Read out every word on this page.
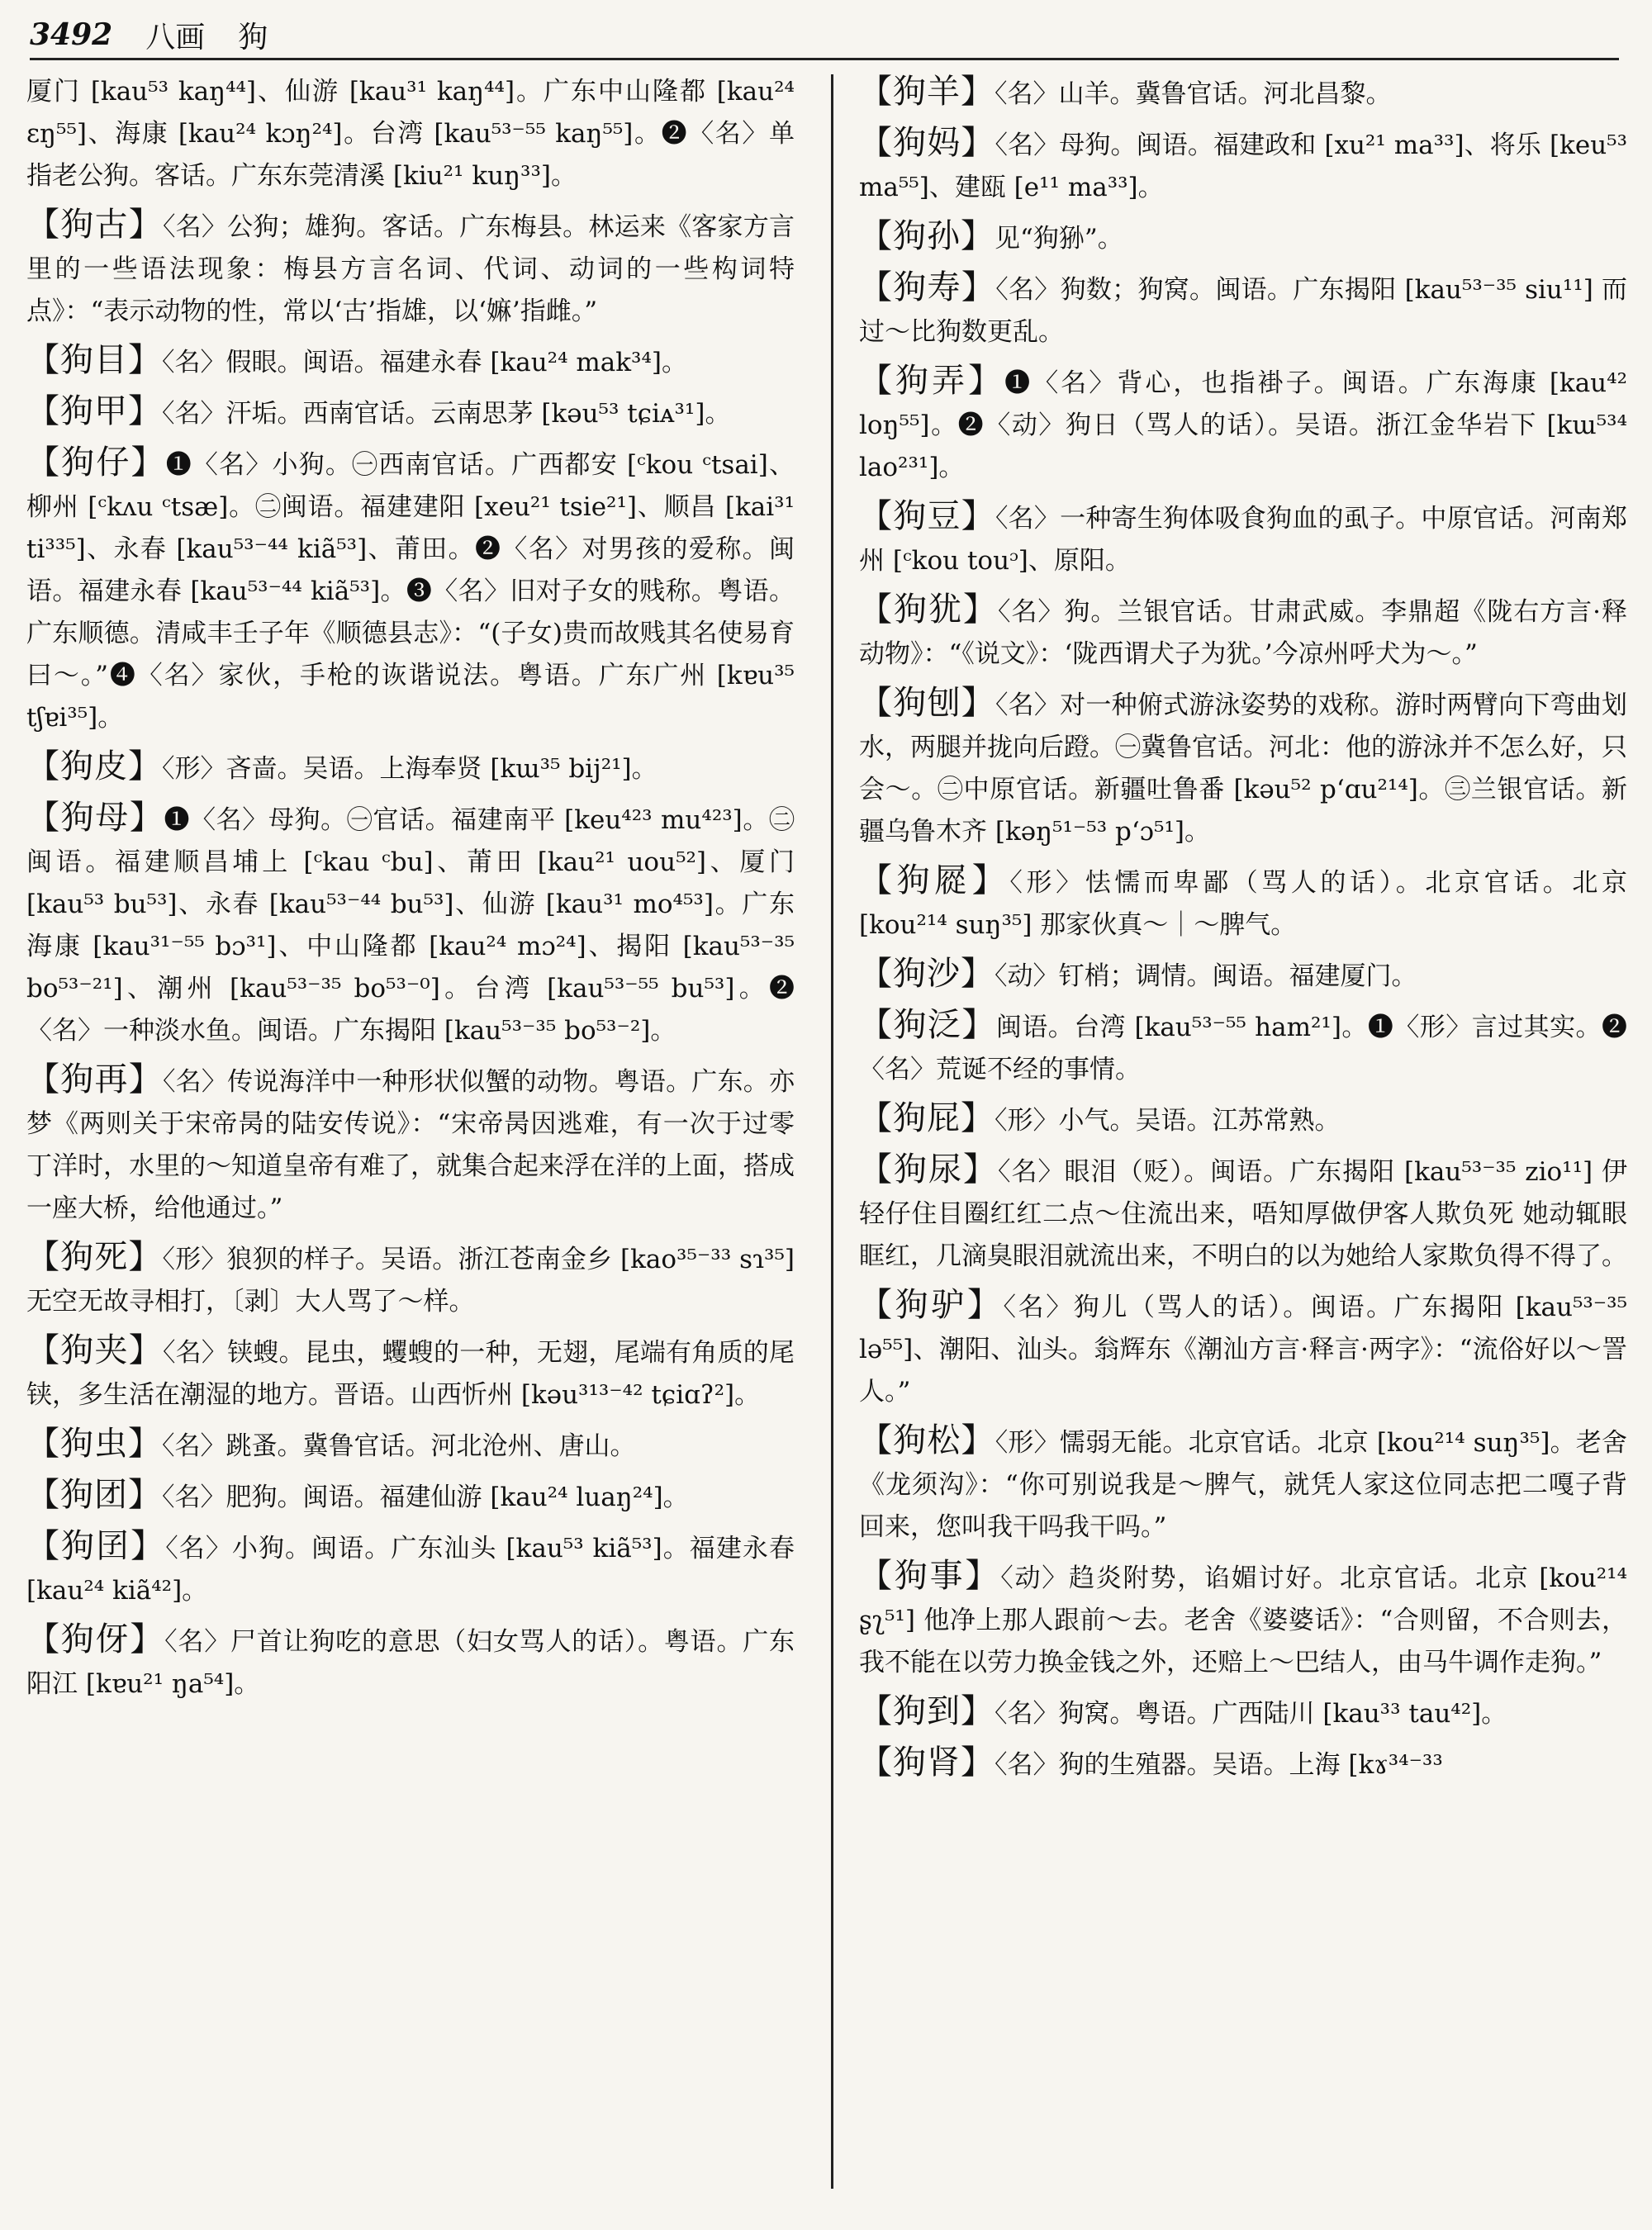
3492 八画 狗
厦门 [kau⁵³ kaŋ⁴⁴]、仙游 [kau³¹ kaŋ⁴⁴]。广东中山隆都 [kau²⁴ ɛŋ⁵⁵]、海康 [kau²⁴ kɔŋ²⁴]。台湾 [kau⁵³⁻⁵⁵ kaŋ⁵⁵]。❷〈名〉单指老公狗。客话。广东东莞清溪 [kiu²¹ kuŋ³³]。
【狗古】〈名〉公狗；雄狗。客话。广东梅县。林运来《客家方言里的一些语法现象：梅县方言名词、代词、动词的一些构词特点》：“表示动物的性，常以‘古’指雄，以‘嫲’指雌。”
【狗目】〈名〉假眼。闽语。福建永春 [kau²⁴ mak³⁴]。
【狗甲】〈名〉汗垢。西南官话。云南思茅 [kəu⁵³ tɕiᴀ³¹]。
【狗仔】❶〈名〉小狗。㊀西南官话。广西都安 [ᶜkou ᶜtsai]、柳州 [ᶜkʌu ᶜtsæ]。㊁闽语。福建建阳 [xeu²¹ tsie²¹]、顺昌 [kai³¹ ti³³⁵]、永春 [kau⁵³⁻⁴⁴ kiã⁵³]、莆田。❷〈名〉对男孩的爱称。闽语。福建永春 [kau⁵³⁻⁴⁴ kiã⁵³]。❸〈名〉旧对子女的贱称。粤语。广东顺德。清咸丰壬子年《顺德县志》：“(子女)贵而故贱其名使易育曰～。”❹〈名〉家伙，手枪的诙谐说法。粤语。广东广州 [kɐu³⁵ tʃɐi³⁵]。
【狗皮】〈形〉吝啬。吴语。上海奉贤 [kɯ³⁵ bij²¹]。
【狗母】❶〈名〉母狗。㊀官话。福建南平 [keu⁴²³ mu⁴²³]。㊁闽语。福建顺昌埔上 [ᶜkau ᶜbu]、莆田 [kau²¹ uou⁵²]、厦门 [kau⁵³ bu⁵³]、永春 [kau⁵³⁻⁴⁴ bu⁵³]、仙游 [kau³¹ mo⁴⁵³]。广东海康 [kau³¹⁻⁵⁵ bɔ³¹]、中山隆都 [kau²⁴ mɔ²⁴]、揭阳 [kau⁵³⁻³⁵ bo⁵³⁻²¹]、潮州 [kau⁵³⁻³⁵ bo⁵³⁻⁰]。台湾 [kau⁵³⁻⁵⁵ bu⁵³]。❷〈名〉一种淡水鱼。闽语。广东揭阳 [kau⁵³⁻³⁵ bo⁵³⁻²]。
【狗再】〈名〉传说海洋中一种形状似蟹的动物。粤语。广东。亦梦《两则关于宋帝昺的陆安传说》：“宋帝昺因逃难，有一次于过零丁洋时，水里的～知道皇帝有难了，就集合起来浮在洋的上面，搭成一座大桥，给他通过。”
【狗死】〈形〉狼狈的样子。吴语。浙江苍南金乡 [kao³⁵⁻³³ sɿ³⁵]无空无故寻相打，〔剥〕大人骂了～样。
【狗夹】〈名〉铗螋。昆虫，蠼螋的一种，无翅，尾端有角质的尾铗，多生活在潮湿的地方。晋语。山西忻州 [kəu³¹³⁻⁴² tɕiɑʔ²]。
【狗虫】〈名〉跳蚤。冀鲁官话。河北沧州、唐山。
【狗团】〈名〉肥狗。闽语。福建仙游 [kau²⁴ luaŋ²⁴]。
【狗囝】〈名〉小狗。闽语。广东汕头 [kau⁵³ kiã⁵³]。福建永春 [kau²⁴ kiã⁴²]。
【狗伢】〈名〉尸首让狗吃的意思（妇女骂人的话）。粤语。广东阳江 [kɐu²¹ ŋa⁵⁴]。
【狗羊】〈名〉山羊。冀鲁官话。河北昌黎。
【狗妈】〈名〉母狗。闽语。福建政和 [xu²¹ ma³³]、将乐 [keu⁵³ ma⁵⁵]、建瓯 [e¹¹ ma³³]。
【狗孙】见“狗狲”。
【狗寿】〈名〉狗数；狗窝。闽语。广东揭阳 [kau⁵³⁻³⁵ siu¹¹] 而过～比狗数更乱。
【狗弄】❶〈名〉背心，也指褂子。闽语。广东海康 [kau⁴² loŋ⁵⁵]。❷〈动〉狗日（骂人的话）。吴语。浙江金华岩下 [kɯ⁵³⁴ lao²³¹]。
【狗豆】〈名〉一种寄生狗体吸食狗血的虱子。中原官话。河南郑州 [ᶜkou touᵓ]、原阳。
【狗犹】〈名〉狗。兰银官话。甘肃武威。李鼎超《陇右方言·释动物》：“《说文》：‘陇西谓犬子为犹。’今凉州呼犬为～。”
【狗刨】〈名〉对一种俯式游泳姿势的戏称。游时两臂向下弯曲划水，两腿并拢向后蹬。㊀冀鲁官话。河北：他的游泳并不怎么好，只会～。㊁中原官话。新疆吐鲁番 [kəu⁵² pʻɑu²¹⁴]。㊂兰银官话。新疆乌鲁木齐 [kəŋ⁵¹⁻⁵³ pʻɔ⁵¹]。
【狗㞞】〈形〉怯懦而卑鄙（骂人的话）。北京官话。北京 [kou²¹⁴ suŋ³⁵] 那家伙真～｜～脾气。
【狗沙】〈动〉钉梢；调情。闽语。福建厦门。
【狗泛】闽语。台湾 [kau⁵³⁻⁵⁵ ham²¹]。❶〈形〉言过其实。❷〈名〉荒诞不经的事情。
【狗屁】〈形〉小气。吴语。江苏常熟。
【狗尿】〈名〉眼泪（贬）。闽语。广东揭阳 [kau⁵³⁻³⁵ zio¹¹] 伊轻仔住目圈红红二点～住流出来，唔知厚做伊客人欺负死 她动辄眼眶红，几滴臭眼泪就流出来，不明白的以为她给人家欺负得不得了。
【狗驴】〈名〉狗儿（骂人的话）。闽语。广东揭阳 [kau⁵³⁻³⁵ lə⁵⁵]、潮阳、汕头。翁辉东《潮汕方言·释言·两字》：“流俗好以～詈人。”
【狗松】〈形〉懦弱无能。北京官话。北京 [kou²¹⁴ suŋ³⁵]。老舍《龙须沟》：“你可别说我是～脾气，就凭人家这位同志把二嘎子背回来，您叫我干吗我干吗。”
【狗事】〈动〉趋炎附势，谄媚讨好。北京官话。北京 [kou²¹⁴ ʂʅ⁵¹] 他净上那人跟前～去。老舍《婆婆话》：“合则留，不合则去，我不能在以劳力换金钱之外，还赔上～巴结人，由马牛调作走狗。”
【狗到】〈名〉狗窝。粤语。广西陆川 [kau³³ tau⁴²]。
【狗肾】〈名〉狗的生殖器。吴语。上海 [kɤ³⁴⁻³³
